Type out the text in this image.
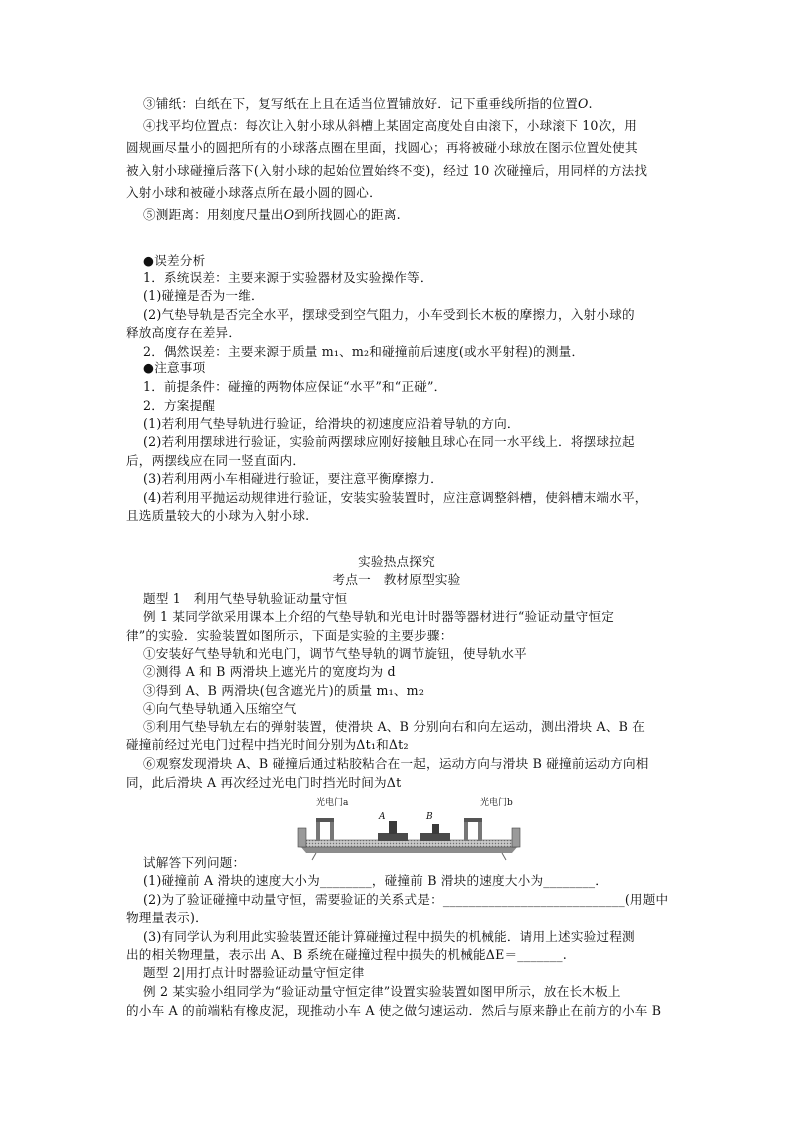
③铺纸：白纸在下，复写纸在上且在适当位置铺放好．记下重垂线所指的位置O.
④找平均位置点：每次让入射小球从斜槽上某固定高度处自由滚下，小球滚下 10次，用
圆规画尽量小的圆把所有的小球落点圈在里面，找圆心；再将被碰小球放在图示位置处使其
被入射小球碰撞后落下(入射小球的起始位置始终不变)，经过 10 次碰撞后，用同样的方法找
入射小球和被碰小球落点所在最小圆的圆心．
⑤测距离：用刻度尺量出O到所找圆心的距离.
●误差分析
1．系统误差：主要来源于实验器材及实验操作等．
(1)碰撞是否为一维．
(2)气垫导轨是否完全水平，摆球受到空气阻力，小车受到长木板的摩擦力，入射小球的
释放高度存在差异．
2．偶然误差：主要来源于质量 m₁、m₂和碰撞前后速度(或水平射程)的测量．
●注意事项
1．前提条件：碰撞的两物体应保证“水平”和“正碰”．
2．方案提醒
(1)若利用气垫导轨进行验证，给滑块的初速度应沿着导轨的方向．
(2)若利用摆球进行验证，实验前两摆球应刚好接触且球心在同一水平线上．将摆球拉起
后，两摆线应在同一竖直面内．
(3)若利用两小车相碰进行验证，要注意平衡摩擦力．
(4)若利用平抛运动规律进行验证，安装实验装置时，应注意调整斜槽，使斜槽末端水平，
且选质量较大的小球为入射小球.
实验热点探究
考点一　教材原型实验
题型 1　利用气垫导轨验证动量守恒
例 1 某同学欲采用课本上介绍的气垫导轨和光电计时器等器材进行“验证动量守恒定
律”的实验．实验装置如图所示，下面是实验的主要步骤：
①安装好气垫导轨和光电门，调节气垫导轨的调节旋钮，使导轨水平
②测得 A 和 B 两滑块上遮光片的宽度均为 d
③得到 A、B 两滑块(包含遮光片)的质量 m₁、m₂
④向气垫导轨通入压缩空气
⑤利用气垫导轨左右的弹射装置，使滑块 A、B 分别向右和向左运动，测出滑块 A、B 在
碰撞前经过光电门过程中挡光时间分别为Δt₁和Δt₂
⑥观察发现滑块 A、B 碰撞后通过粘胶粘合在一起，运动方向与滑块 B 碰撞前运动方向相
同，此后滑块 A 再次经过光电门时挡光时间为Δt
光电门a	光电门b
A	B
试解答下列问题：
(1)碰撞前 A 滑块的速度大小为________，碰撞前 B 滑块的速度大小为________．
(2)为了验证碰撞中动量守恒，需要验证的关系式是：____________________________(用题中
物理量表示)．
(3)有同学认为利用此实验装置还能计算碰撞过程中损失的机械能．请用上述实验过程测
出的相关物理量，表示出 A、B 系统在碰撞过程中损失的机械能ΔE＝_______.
题型 2|用打点计时器验证动量守恒定律
例 2 某实验小组同学为“验证动量守恒定律”设置实验装置如图甲所示，放在长木板上
的小车 A 的前端粘有橡皮泥，现推动小车 A 使之做匀速运动．然后与原来静止在前方的小车 B
